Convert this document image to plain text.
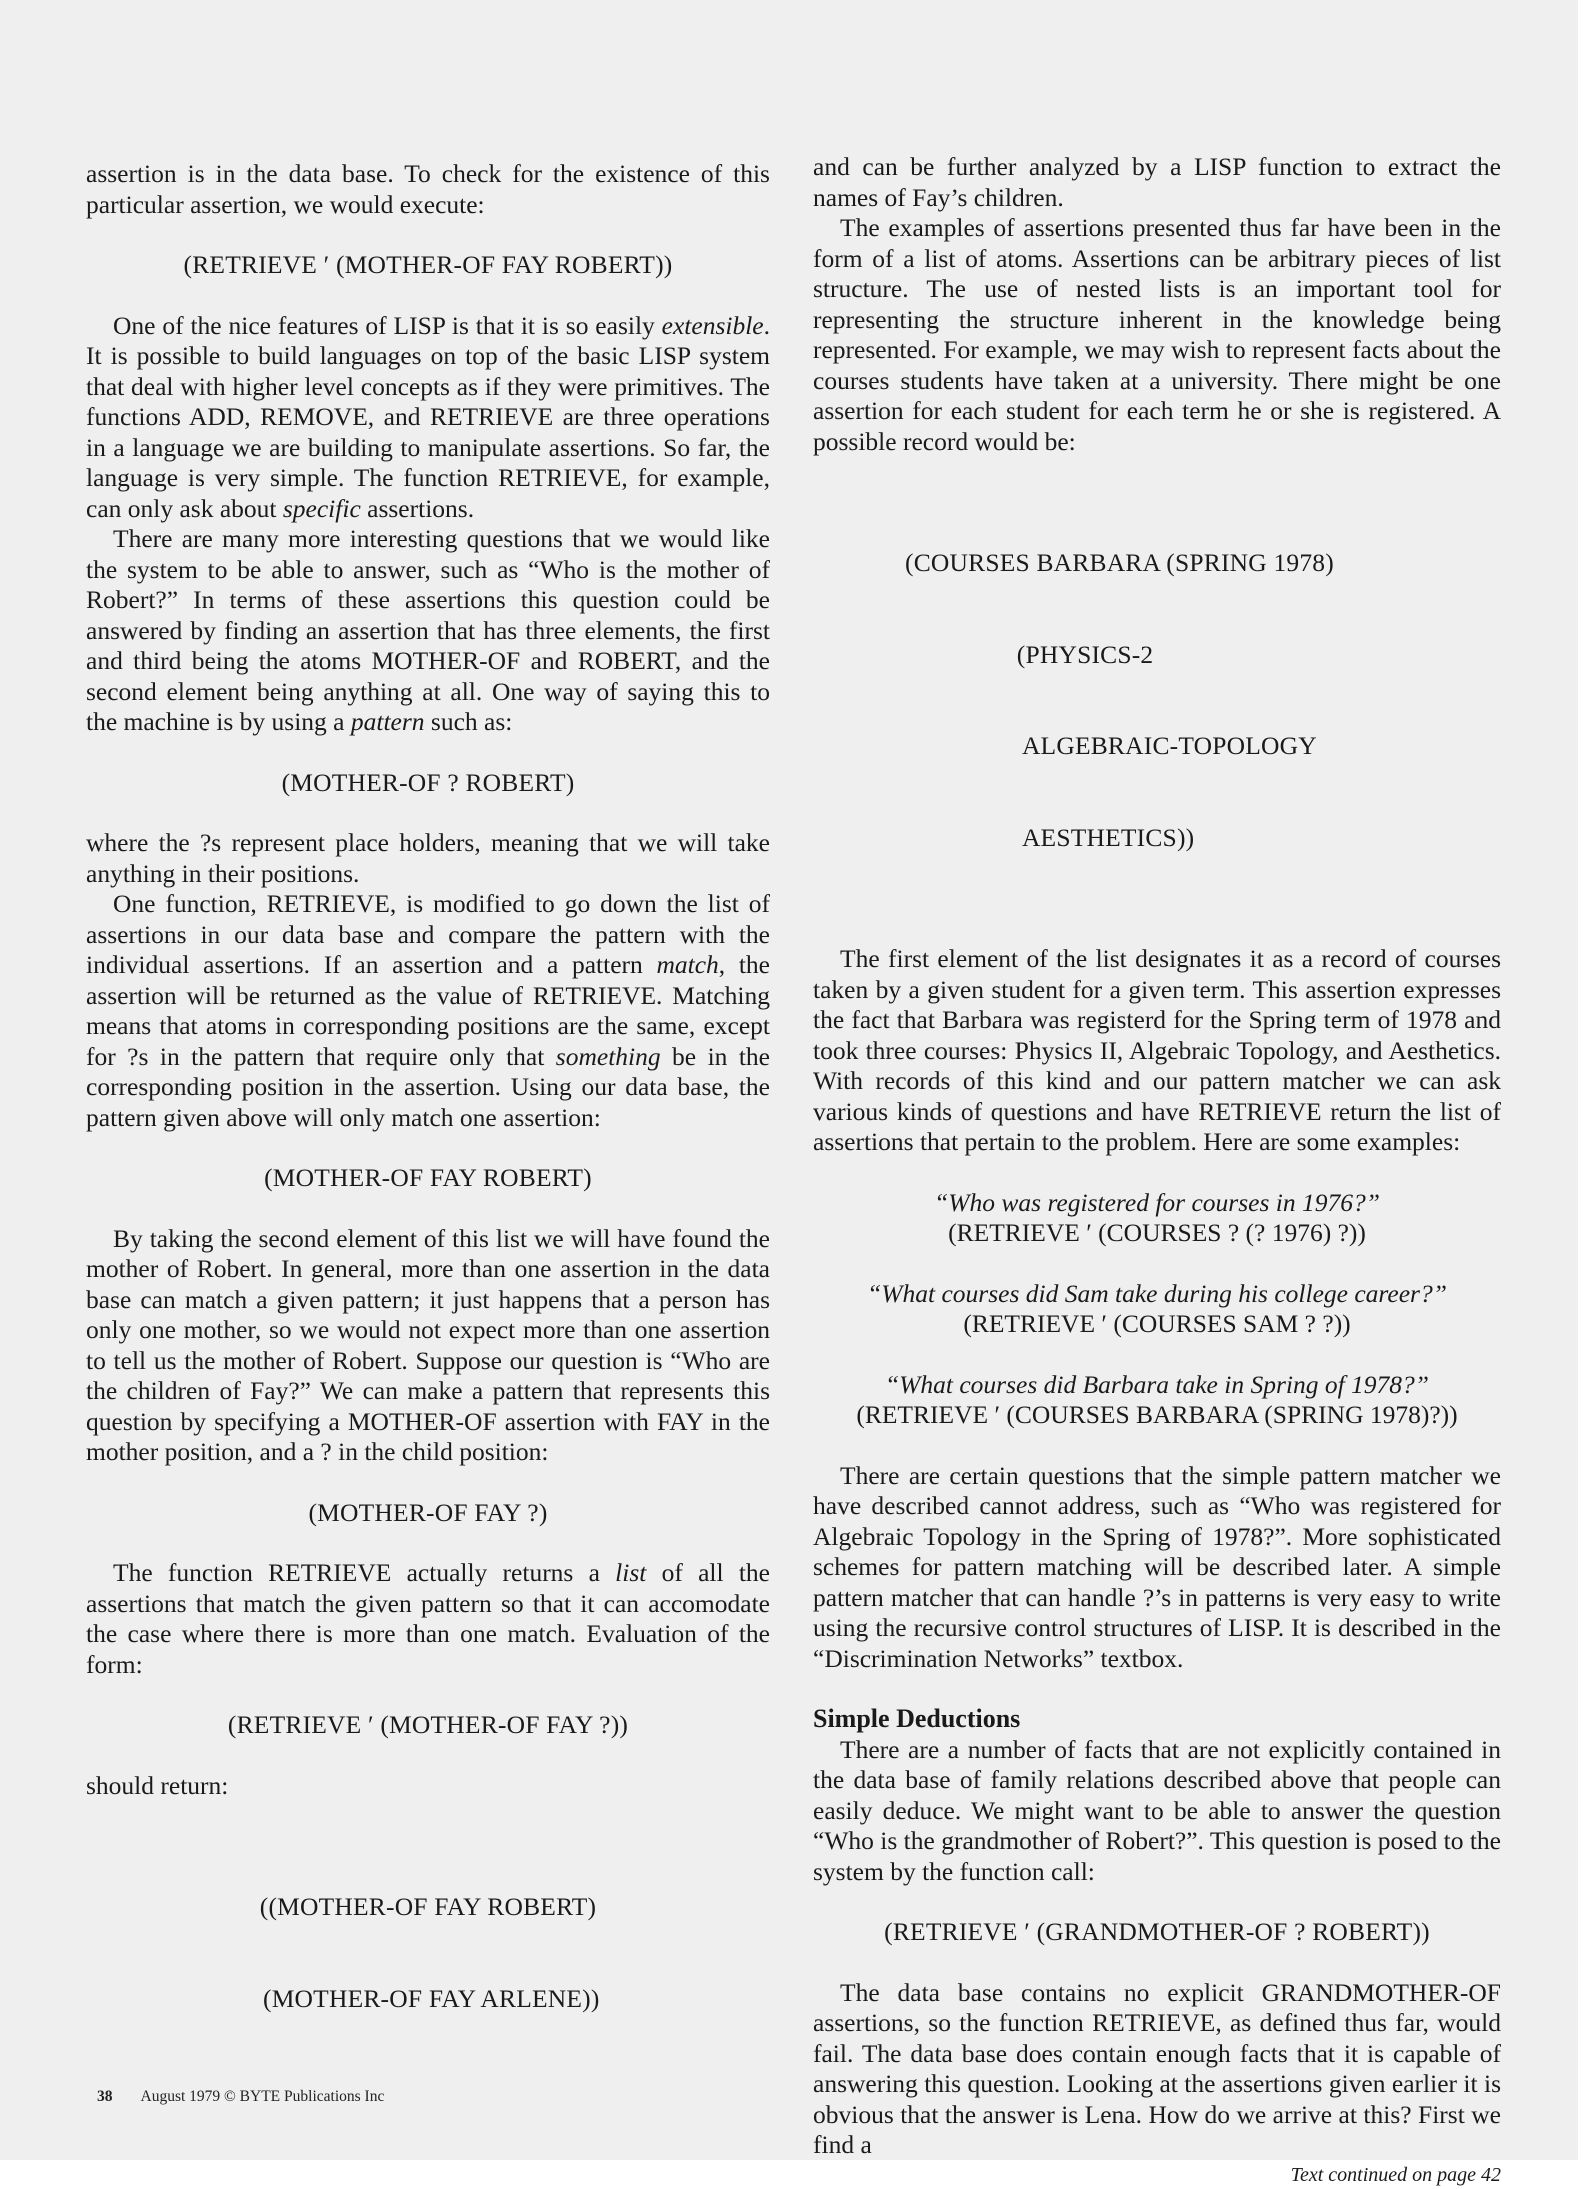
assertion is in the data base. To check for the existence of this particular assertion, we would execute:

(RETRIEVE ′ (MOTHER-OF FAY ROBERT))

One of the nice features of LISP is that it is so easily extensible. It is possible to build languages on top of the basic LISP system that deal with higher level concepts as if they were primitives. The functions ADD, REMOVE, and RETRIEVE are three operations in a language we are building to manipulate assertions. So far, the language is very simple. The function RETRIEVE, for example, can only ask about specific assertions.

There are many more interesting questions that we would like the system to be able to answer, such as “Who is the mother of Robert?” In terms of these assertions this question could be answered by finding an assertion that has three elements, the first and third being the atoms MOTHER-OF and ROBERT, and the second element being anything at all. One way of saying this to the machine is by using a pattern such as:

(MOTHER-OF ? ROBERT)

where the ?s represent place holders, meaning that we will take anything in their positions.

One function, RETRIEVE, is modified to go down the list of assertions in our data base and compare the pattern with the individual assertions. If an assertion and a pattern match, the assertion will be returned as the value of RETRIEVE. Matching means that atoms in corresponding positions are the same, except for ?s in the pattern that require only that something be in the corresponding position in the assertion. Using our data base, the pattern given above will only match one assertion:

(MOTHER-OF FAY ROBERT)

By taking the second element of this list we will have found the mother of Robert. In general, more than one assertion in the data base can match a given pattern; it just happens that a person has only one mother, so we would not expect more than one assertion to tell us the mother of Robert. Suppose our question is “Who are the children of Fay?” We can make a pattern that represents this question by specifying a MOTHER-OF assertion with FAY in the mother position, and a ? in the child position:

(MOTHER-OF FAY ?)

The function RETRIEVE actually returns a list of all the assertions that match the given pattern so that it can accomodate the case where there is more than one match. Evaluation of the form:

(RETRIEVE ′ (MOTHER-OF FAY ?))

should return:

((MOTHER-OF FAY ROBERT)

(MOTHER-OF FAY ARLENE))

and can be further analyzed by a LISP function to extract the names of Fay’s children.

The examples of assertions presented thus far have been in the form of a list of atoms. Assertions can be arbitrary pieces of list structure. The use of nested lists is an important tool for representing the structure inherent in the knowledge being represented. For example, we may wish to represent facts about the courses students have taken at a university. There might be one assertion for each student for each term he or she is registered. A possible record would be:

(COURSES BARBARA (SPRING 1978)

(PHYSICS-2

ALGEBRAIC-TOPOLOGY

AESTHETICS))

The first element of the list designates it as a record of courses taken by a given student for a given term. This assertion expresses the fact that Barbara was registerd for the Spring term of 1978 and took three courses: Physics II, Algebraic Topology, and Aesthetics. With records of this kind and our pattern matcher we can ask various kinds of questions and have RETRIEVE return the list of assertions that pertain to the problem. Here are some examples:

“Who was registered for courses in 1976?”
(RETRIEVE ′ (COURSES ? (? 1976) ?))
“What courses did Sam take during his college career?”
(RETRIEVE ′ (COURSES SAM ? ?))
“What courses did Barbara take in Spring of 1978?”
(RETRIEVE ′ (COURSES BARBARA (SPRING 1978)?))

There are certain questions that the simple pattern matcher we have described cannot address, such as “Who was registered for Algebraic Topology in the Spring of 1978?”. More sophisticated schemes for pattern matching will be described later. A simple pattern matcher that can handle ?’s in patterns is very easy to write using the recursive control structures of LISP. It is described in the “Discrimination Networks” textbox.

Simple Deductions

There are a number of facts that are not explicitly contained in the data base of family relations described above that people can easily deduce. We might want to be able to answer the question “Who is the grandmother of Robert?”. This question is posed to the system by the function call:

(RETRIEVE ′ (GRANDMOTHER-OF ? ROBERT))

The data base contains no explicit GRANDMOTHER-OF assertions, so the function RETRIEVE, as defined thus far, would fail. The data base does contain enough facts that it is capable of answering this question. Looking at the assertions given earlier it is obvious that the answer is Lena. How do we arrive at this? First we find a

Text continued on page 42
38 August 1979 © BYTE Publications Inc
